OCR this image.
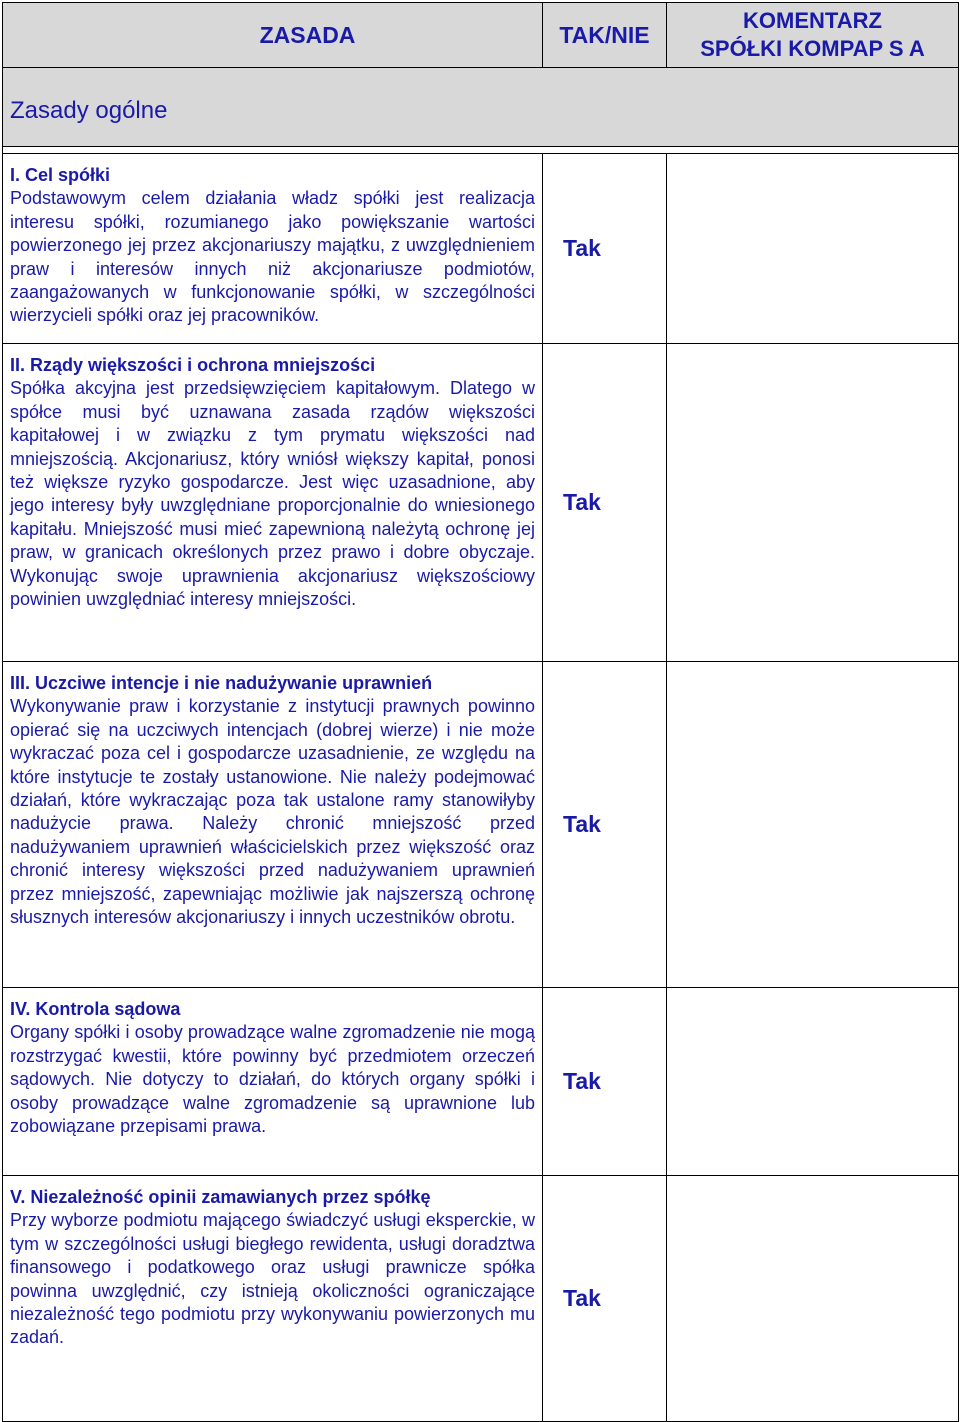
ZASADA	TAK/NIE	KOMENTARZ
SPÓŁKI KOMPAP S A

Zasady ogólne		

I. Cel spółki
Podstawowym celem działania władz spółki jest realizacja interesu spółki, rozumianego jako powiększanie wartości powierzonego jej przez akcjonariuszy majątku, z uwzględnieniem praw i interesów innych niż akcjonariusze podmiotów, zaangażowanych w funkcjonowanie spółki, w szczególności wierzycieli spółki oraz jej pracowników.	Tak	

II. Rządy większości i ochrona mniejszości
Spółka akcyjna jest przedsięwzięciem kapitałowym. Dlatego w spółce musi być uznawana zasada rządów większości kapitałowej i w związku z tym prymatu większości nad mniejszością. Akcjonariusz, który wniósł większy kapitał, ponosi też większe ryzyko gospodarcze. Jest więc uzasadnione, aby jego interesy były uwzględniane proporcjonalnie do wniesionego kapitału. Mniejszość musi mieć zapewnioną należytą ochronę jej praw, w granicach określonych przez prawo i dobre obyczaje. Wykonując swoje uprawnienia akcjonariusz większościowy powinien uwzględniać interesy mniejszości.	Tak	

III. Uczciwe intencje i nie nadużywanie uprawnień
Wykonywanie praw i korzystanie z instytucji prawnych powinno opierać się na uczciwych intencjach (dobrej wierze) i nie może wykraczać poza cel i gospodarcze uzasadnienie, ze względu na które instytucje te zostały ustanowione. Nie należy podejmować działań, które wykraczając poza tak ustalone ramy stanowiłyby nadużycie prawa. Należy chronić mniejszość przed nadużywaniem uprawnień właścicielskich przez większość oraz chronić interesy większości przed nadużywaniem uprawnień przez mniejszość, zapewniając możliwie jak najszerszą ochronę słusznych interesów akcjonariuszy i innych uczestników obrotu.	Tak	

IV. Kontrola sądowa
Organy spółki i osoby prowadzące walne zgromadzenie nie mogą rozstrzygać kwestii, które powinny być przedmiotem orzeczeń sądowych. Nie dotyczy to działań, do których organy spółki i osoby prowadzące walne zgromadzenie są uprawnione lub zobowiązane przepisami prawa.	Tak	

V. Niezależność opinii zamawianych przez spółkę
Przy wyborze podmiotu mającego świadczyć usługi eksperckie, w tym w szczególności usługi biegłego rewidenta, usługi doradztwa finansowego i podatkowego oraz usługi prawnicze spółka powinna uwzględnić, czy istnieją okoliczności ograniczające niezależność tego podmiotu przy wykonywaniu powierzonych mu zadań.	Tak	
